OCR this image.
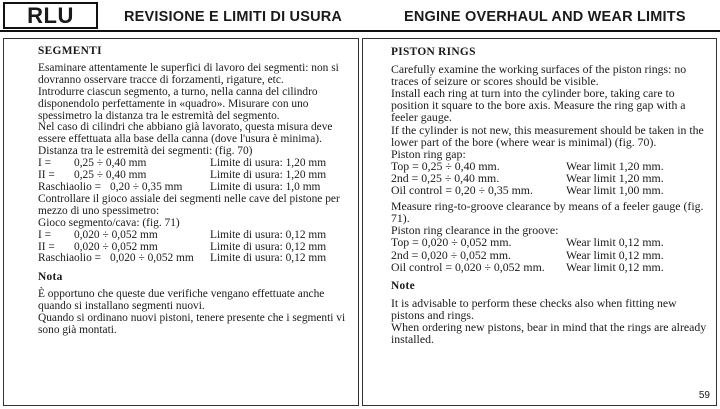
RLU	REVISIONE E LIMITI DI USURA	ENGINE OVERHAUL AND WEAR LIMITS
SEGMENTI

Esaminare attentamente le superfici di lavoro dei segmenti: non si dovranno osservare tracce di forzamenti, rigature, etc.

Introdurre ciascun segmento, a turno, nella canna del cilindro disponendolo perfettamente in «quadro». Misurare con uno spessimetro la distanza tra le estremità del segmento.

Nel caso di cilindri che abbiano già lavorato, questa misura deve essere effettuata alla base della canna (dove l'usura è minima).

Distanza tra le estremità dei segmenti: (fig. 70)

I =	0,25 ÷ 0,40 mm	Limite di usura: 1,20 mm
II =	0,25 ÷ 0,40 mm	Limite di usura: 1,20 mm
Raschiaolio = 0,20 ÷ 0,35 mm	Limite di usura: 1,0 mm

Controllare il gioco assiale dei segmenti nelle cave del pistone per mezzo di uno spessimetro:

Gioco segmento/cava: (fig. 71)

I =	0,020 ÷ 0,052 mm	Limite di usura: 0,12 mm
II =	0,020 ÷ 0,052 mm	Limite di usura: 0,12 mm
Raschiaolio = 0,020 ÷ 0,052 mm	Limite di usura: 0,12 mm
Nota

È opportuno che queste due verifiche vengano effettuate anche quando si installano segmenti nuovi.

Quando si ordinano nuovi pistoni, tenere presente che i segmenti vi sono già montati.

PISTON RINGS

Carefully examine the working surfaces of the piston rings: no traces of seizure or scores should be visible.

Install each ring at turn into the cylinder bore, taking care to position it square to the bore axis. Measure the ring gap with a feeler gauge.

If the cylinder is not new, this measurement should be taken in the lower part of the bore (where wear is minimal) (fig. 70).

Piston ring gap:

Top = 0,25 ÷ 0,40 mm.	Wear limit 1,20 mm.
2nd = 0,25 ÷ 0,40 mm.	Wear limit 1,20 mm.
Oil control = 0,20 ÷ 0,35 mm.	Wear limit 1,00 mm.

Measure ring-to-groove clearance by means of a feeler gauge (fig. 71).

Piston ring clearance in the groove:

Top = 0,020 ÷ 0,052 mm.	Wear limit 0,12 mm.
2nd = 0,020 ÷ 0,052 mm.	Wear limit 0,12 mm.
Oil control = 0,020 ÷ 0,052 mm.	Wear limit 0,12 mm.
Note

It is advisable to perform these checks also when fitting new pistons and rings.

When ordering new pistons, bear in mind that the rings are already installed.

59
